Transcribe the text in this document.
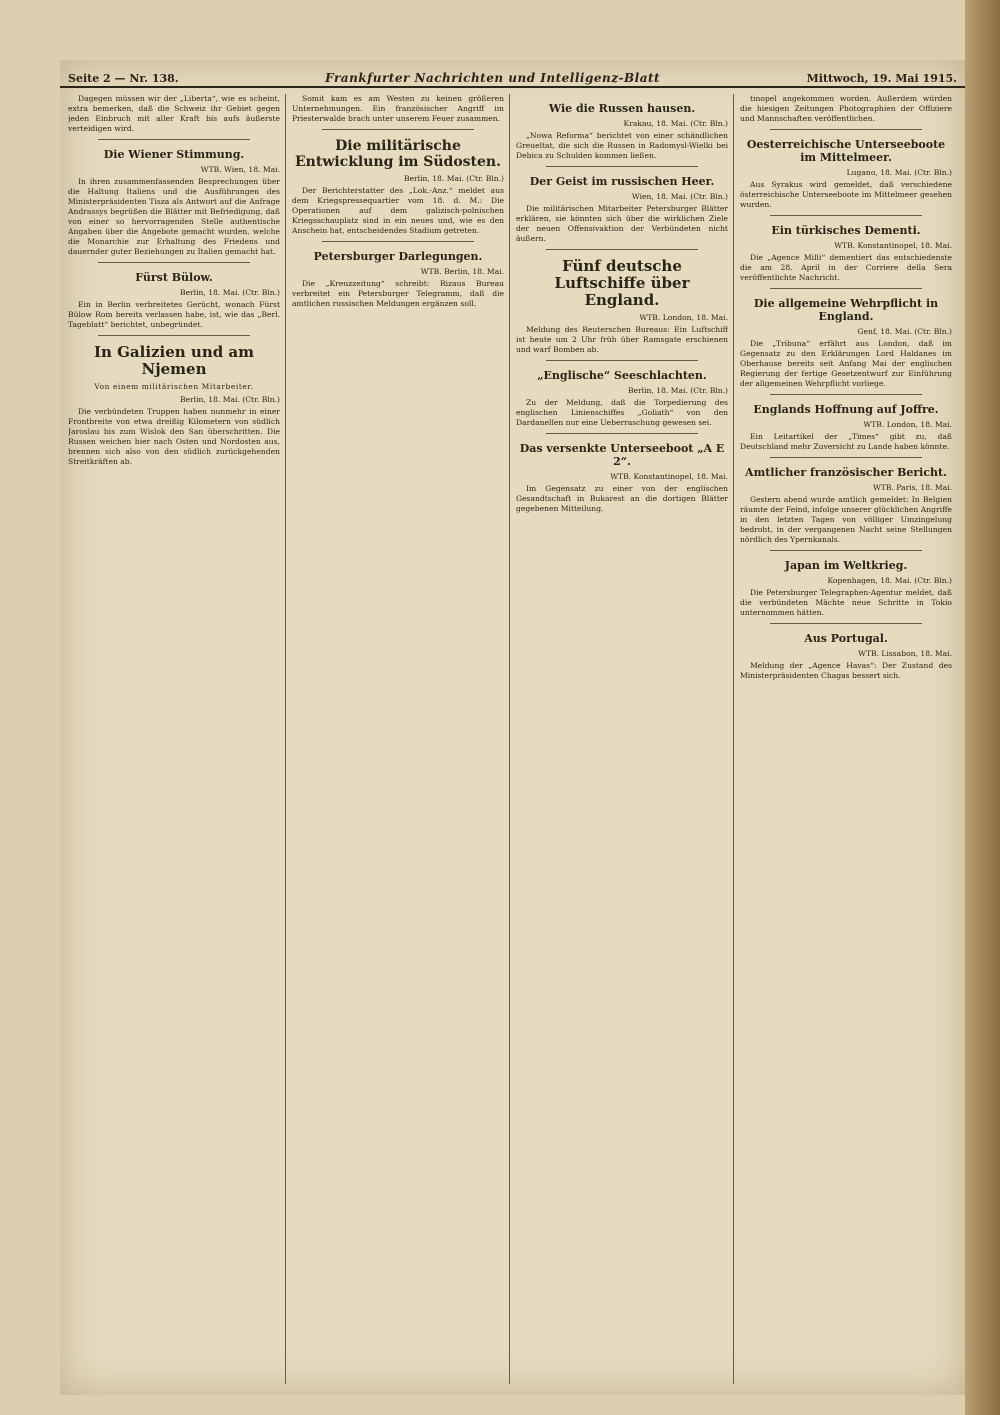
Seite 2 — Nr. 138.	Frankfurter Nachrichten und Intelligenz-Blatt	Mittwoch, 19. Mai 1915.

Dagegen müssen wir der „Liberta“, wie es scheint, extra bemerken, daß die Schweiz ihr Gebiet gegen jeden Einbruch mit aller Kraft bis aufs äußerste verteidigen wird.

Die Wiener Stimmung.
WTB. Wien, 18. Mai.

In ihren zusammenfassenden Besprechungen über die Haltung Italiens und die Ausführungen des Ministerpräsidenten Tisza als Antwort auf die Anfrage Andrassys begrüßen die Blätter mit Befriedigung, daß von einer so hervorragenden Stelle authentische Angaben über die Angebote gemacht wurden, welche die Monarchie zur Erhaltung des Friedens und dauernder guter Beziehungen zu Italien gemacht hat.

Fürst Bülow.
Berlin, 18. Mai. (Ctr. Bln.)

Ein in Berlin verbreitetes Gerücht, wonach Fürst Bülow Rom bereits verlassen habe, ist, wie das „Berl. Tageblatt“ berichtet, unbegründet.

In Galizien und am Njemen
Von einem militärischen Mitarbeiter.
Berlin, 18. Mai. (Ctr. Bln.)

Die verbündeten Truppen haben nunmehr in einer Frontbreite von etwa dreißig Kilometern von südlich Jaroslau bis zum Wislok den San überschritten. Die Russen weichen hier nach Osten und Nordosten aus, brennen sich also von den südlich zurückgehenden Streitkräften ab.

Somit kam es am Westen zu keinen größeren Unternehmungen. Ein französischer Angriff im Priesterwalde brach unter unserem Feuer zusammen.

Die militärische Entwicklung im Südosten.
Berlin, 18. Mai. (Ctr. Bln.)

Der Berichterstatter des „Lok.-Anz.“ meldet aus dem Kriegspressequartier vom 18. d. M.: Die Operationen auf dem galizisch-polnischen Kriegsschauplatz sind in ein neues und, wie es den Anschein hat, entscheidendes Stadium getreten.

Petersburger Darlegungen.
WTB. Berlin, 18. Mai.

Die „Kreuzzeitung“ schreibt: Rizaus Bureau verbreitet ein Petersburger Telegramm, daß die amtlichen russischen Meldungen ergänzen soll.

Wie die Russen hausen.
Krakau, 18. Mai. (Ctr. Bln.)

„Nowa Reforma“ berichtet von einer schändlichen Greueltat, die sich die Russen in Radomysl-Wielki bei Debica zu Schulden kommen ließen.

Der Geist im russischen Heer.
Wien, 18. Mai. (Ctr. Bln.)

Die militärischen Mitarbeiter Petersburger Blätter erklären, sie könnten sich über die wirklichen Ziele der neuen Offensivaktion der Verbündeten nicht äußern.

Fünf deutsche Luftschiffe über England.
WTB. London, 18. Mai.

Meldung des Reuterschen Bureaus: Ein Luftschiff ist heute um 2 Uhr früh über Ramsgate erschienen und warf Bomben ab.

„Englische“ Seeschlachten.
Berlin, 18. Mai. (Ctr. Bln.)

Zu der Meldung, daß die Torpedierung des englischen Linienschiffes „Goliath“ von den Dardanellen nur eine Ueberraschung gewesen sei.

Das versenkte Unterseeboot „A E 2“.
WTB. Konstantinopel, 18. Mai.

Im Gegensatz zu einer von der englischen Gesandtschaft in Bukarest an die dortigen Blätter gegebenen Mitteilung.

tinopel angekommen worden. Außerdem würden die hiesigen Zeitungen Photographien der Offiziere und Mannschaften veröffentlichen.

Oesterreichische Unterseeboote im Mittelmeer.
Lugano, 18. Mai. (Ctr. Bln.)

Aus Syrakus wird gemeldet, daß verschiedene österreichische Unterseeboote im Mittelmeer gesehen wurden.

Ein türkisches Dementi.
WTB. Konstantinopel, 18. Mai.

Die „Agence Milli“ dementiert das entschiedenste die am 28. April in der Corriere della Sera veröffentlichte Nachricht.

Die allgemeine Wehrpflicht in England.
Genf, 18. Mai. (Ctr. Bln.)

Die „Tribuna“ erfährt aus London, daß im Gegensatz zu den Erklärungen Lord Haldanes im Oberhause bereits seit Anfang Mai der englischen Regierung der fertige Gesetzentwurf zur Einführung der allgemeinen Wehrpflicht vorliege.

Englands Hoffnung auf Joffre.
WTB. London, 18. Mai.

Ein Leitartikel der „Times“ gibt zu, daß Deutschland mehr Zuversicht zu Lande haben könnte.

Amtlicher französischer Bericht.
WTB. Paris, 18. Mai.

Gestern abend wurde amtlich gemeldet: In Belgien räumte der Feind, infolge unserer glücklichen Angriffe in den letzten Tagen von völliger Umzingelung bedroht, in der vergangenen Nacht seine Stellungen nördlich des Ypernkanals.

Japan im Weltkrieg.
Kopenhagen, 18. Mai. (Ctr. Bln.)

Die Petersburger Telegraphen-Agentur meldet, daß die verbündeten Mächte neue Schritte in Tokio unternommen hätten.

Aus Portugal.
WTB. Lissabon, 18. Mai.

Meldung der „Agence Havas“: Der Zustand des Ministerpräsidenten Chagas bessert sich.
